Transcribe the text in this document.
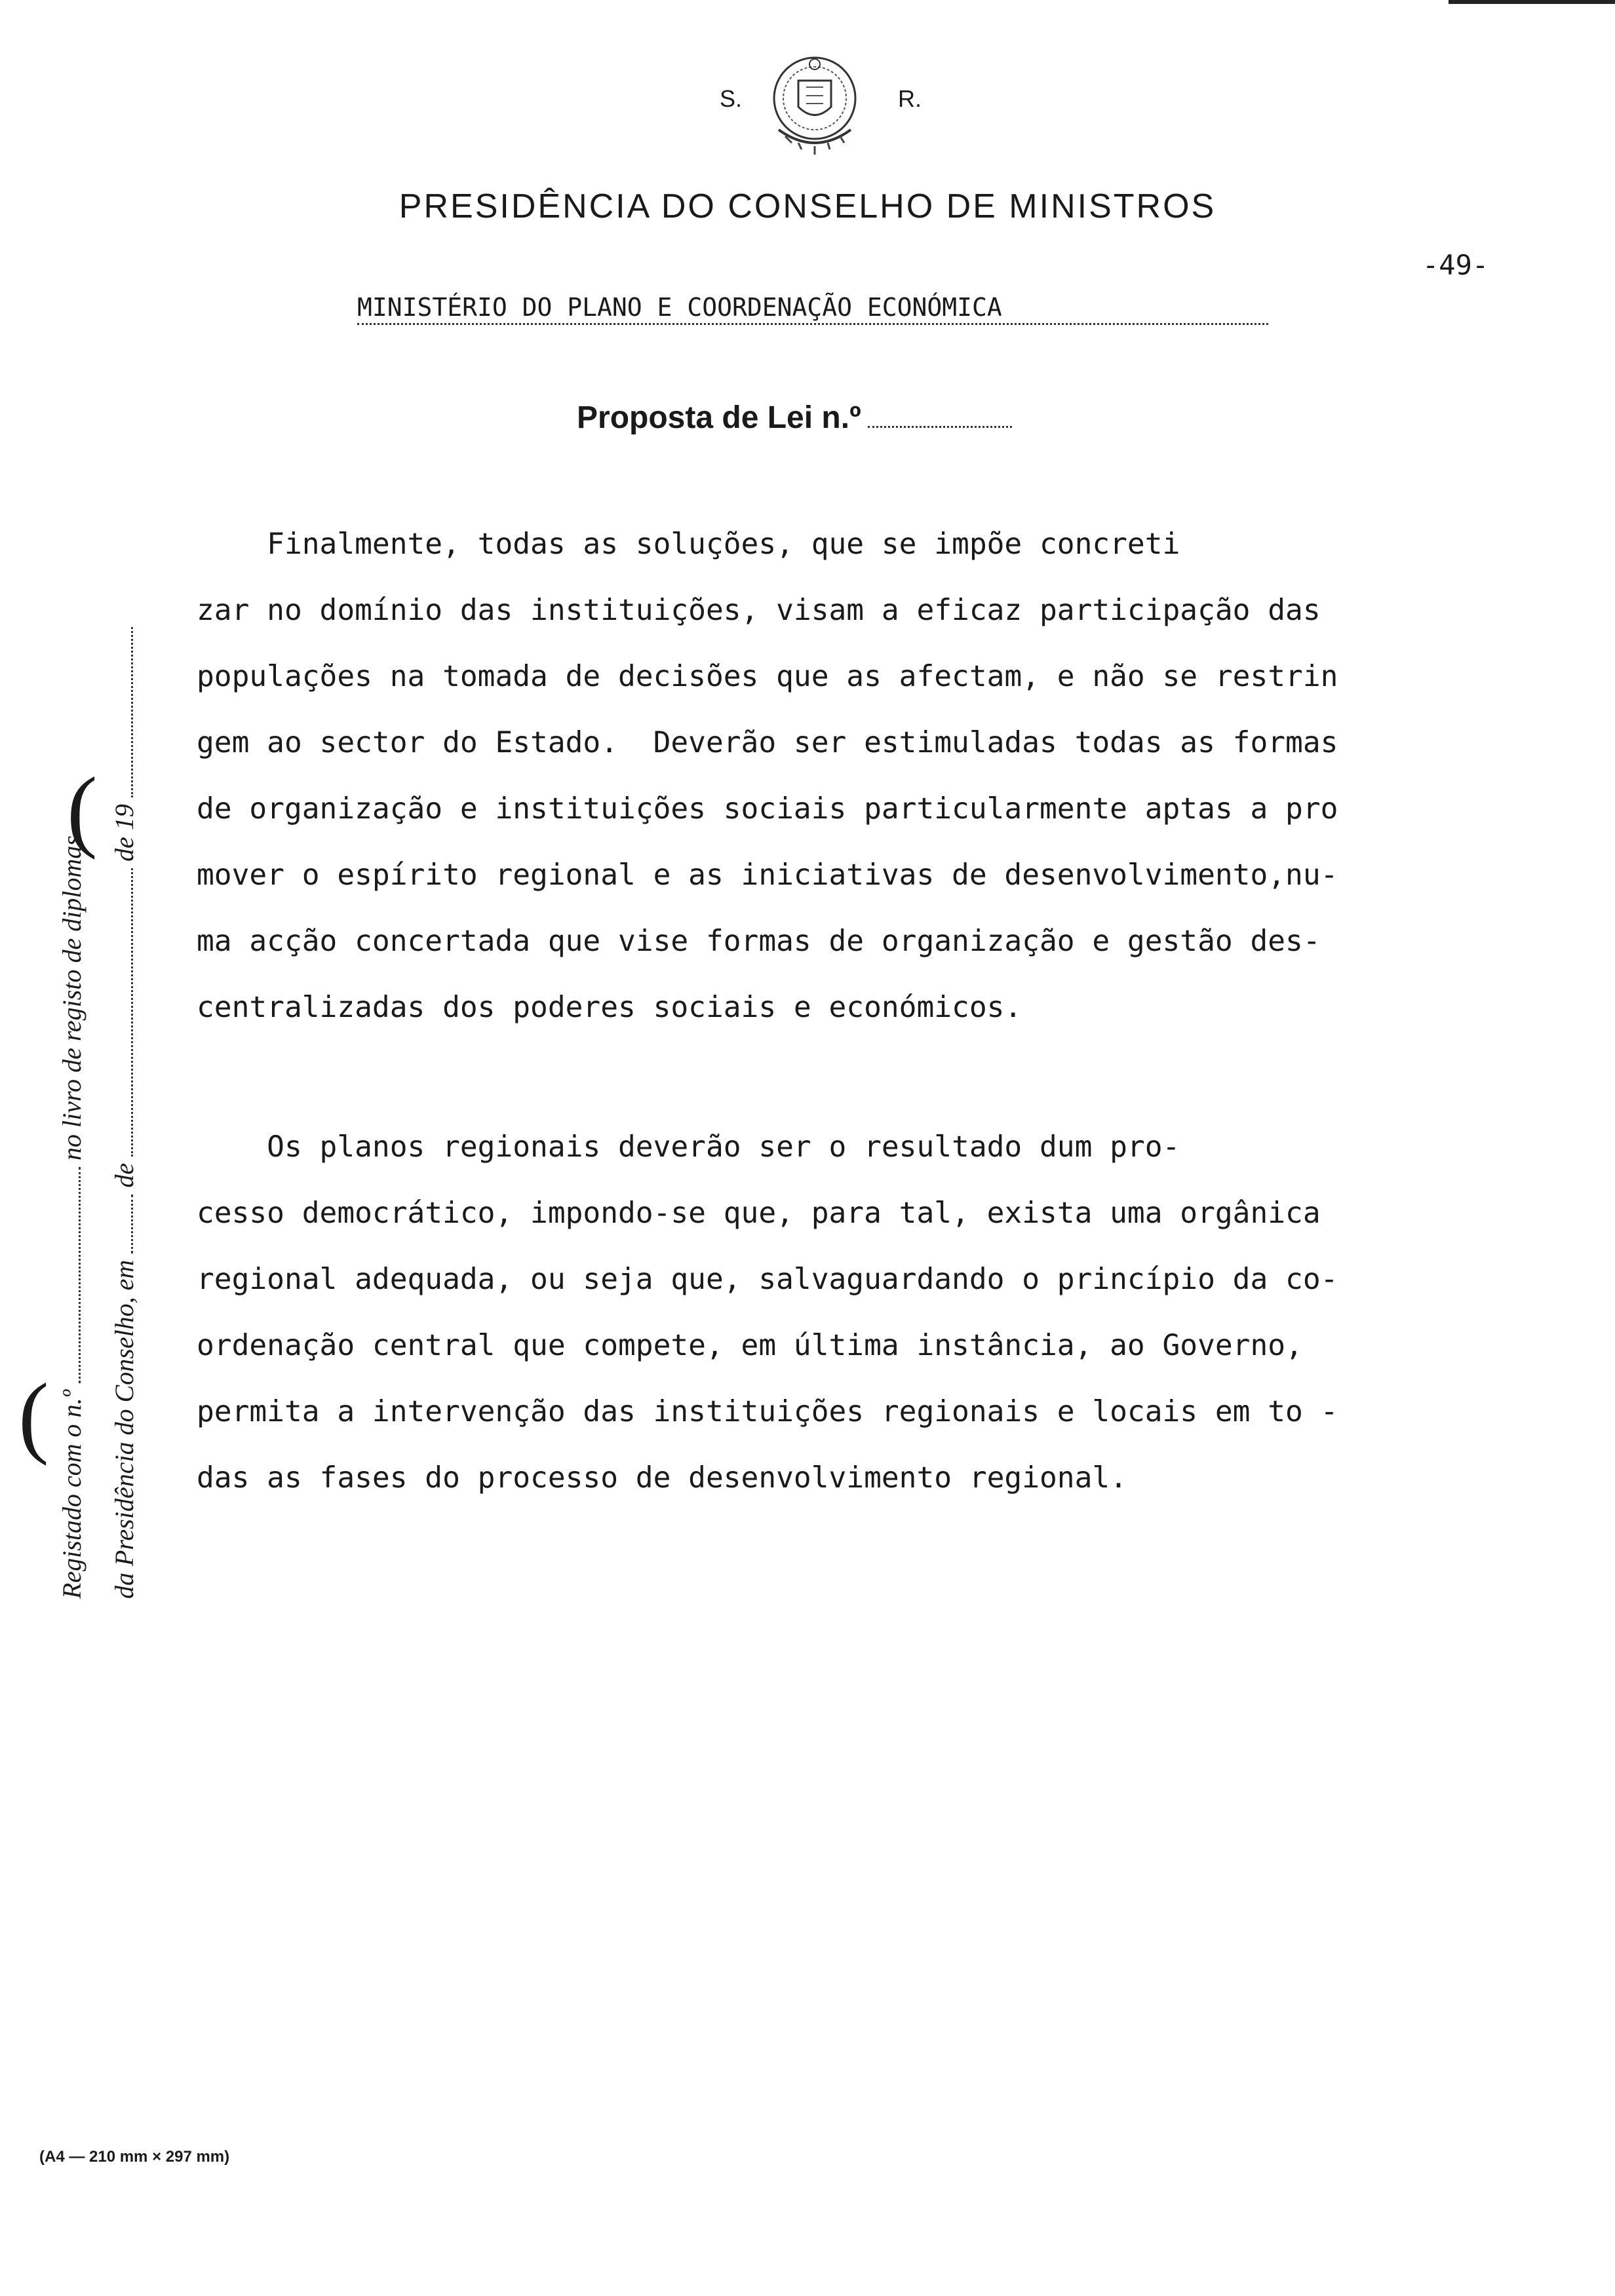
S.	R.
PRESIDÊNCIA DO CONSELHO DE MINISTROS
-49-
MINISTÉRIO DO PLANO E COORDENAÇÃO ECONÓMICA
Proposta de Lei n.º
Finalmente, todas as soluções, que se impõe concreti
zar no domínio das instituições, visam a eficaz participação das
populações na tomada de decisões que as afectam, e não se restrin
gem ao sector do Estado.  Deverão ser estimuladas todas as formas
de organização e instituições sociais particularmente aptas a pro
mover o espírito regional e as iniciativas de desenvolvimento,nu-
ma acção concertada que vise formas de organização e gestão des-
centralizadas dos poderes sociais e económicos.
Os planos regionais deverão ser o resultado dum pro-
cesso democrático, impondo-se que, para tal, exista uma orgânica
regional adequada, ou seja que, salvaguardando o princípio da co-
ordenação central que compete, em última instância, ao Governo,
permita a intervenção das instituições regionais e locais em to -
das as fases do processo de desenvolvimento regional.
Registado com o n.º  no livro de registo de diplomas
da Presidência do Conselho, em  de  de 19
(
(
(A4 — 210 mm × 297 mm)
